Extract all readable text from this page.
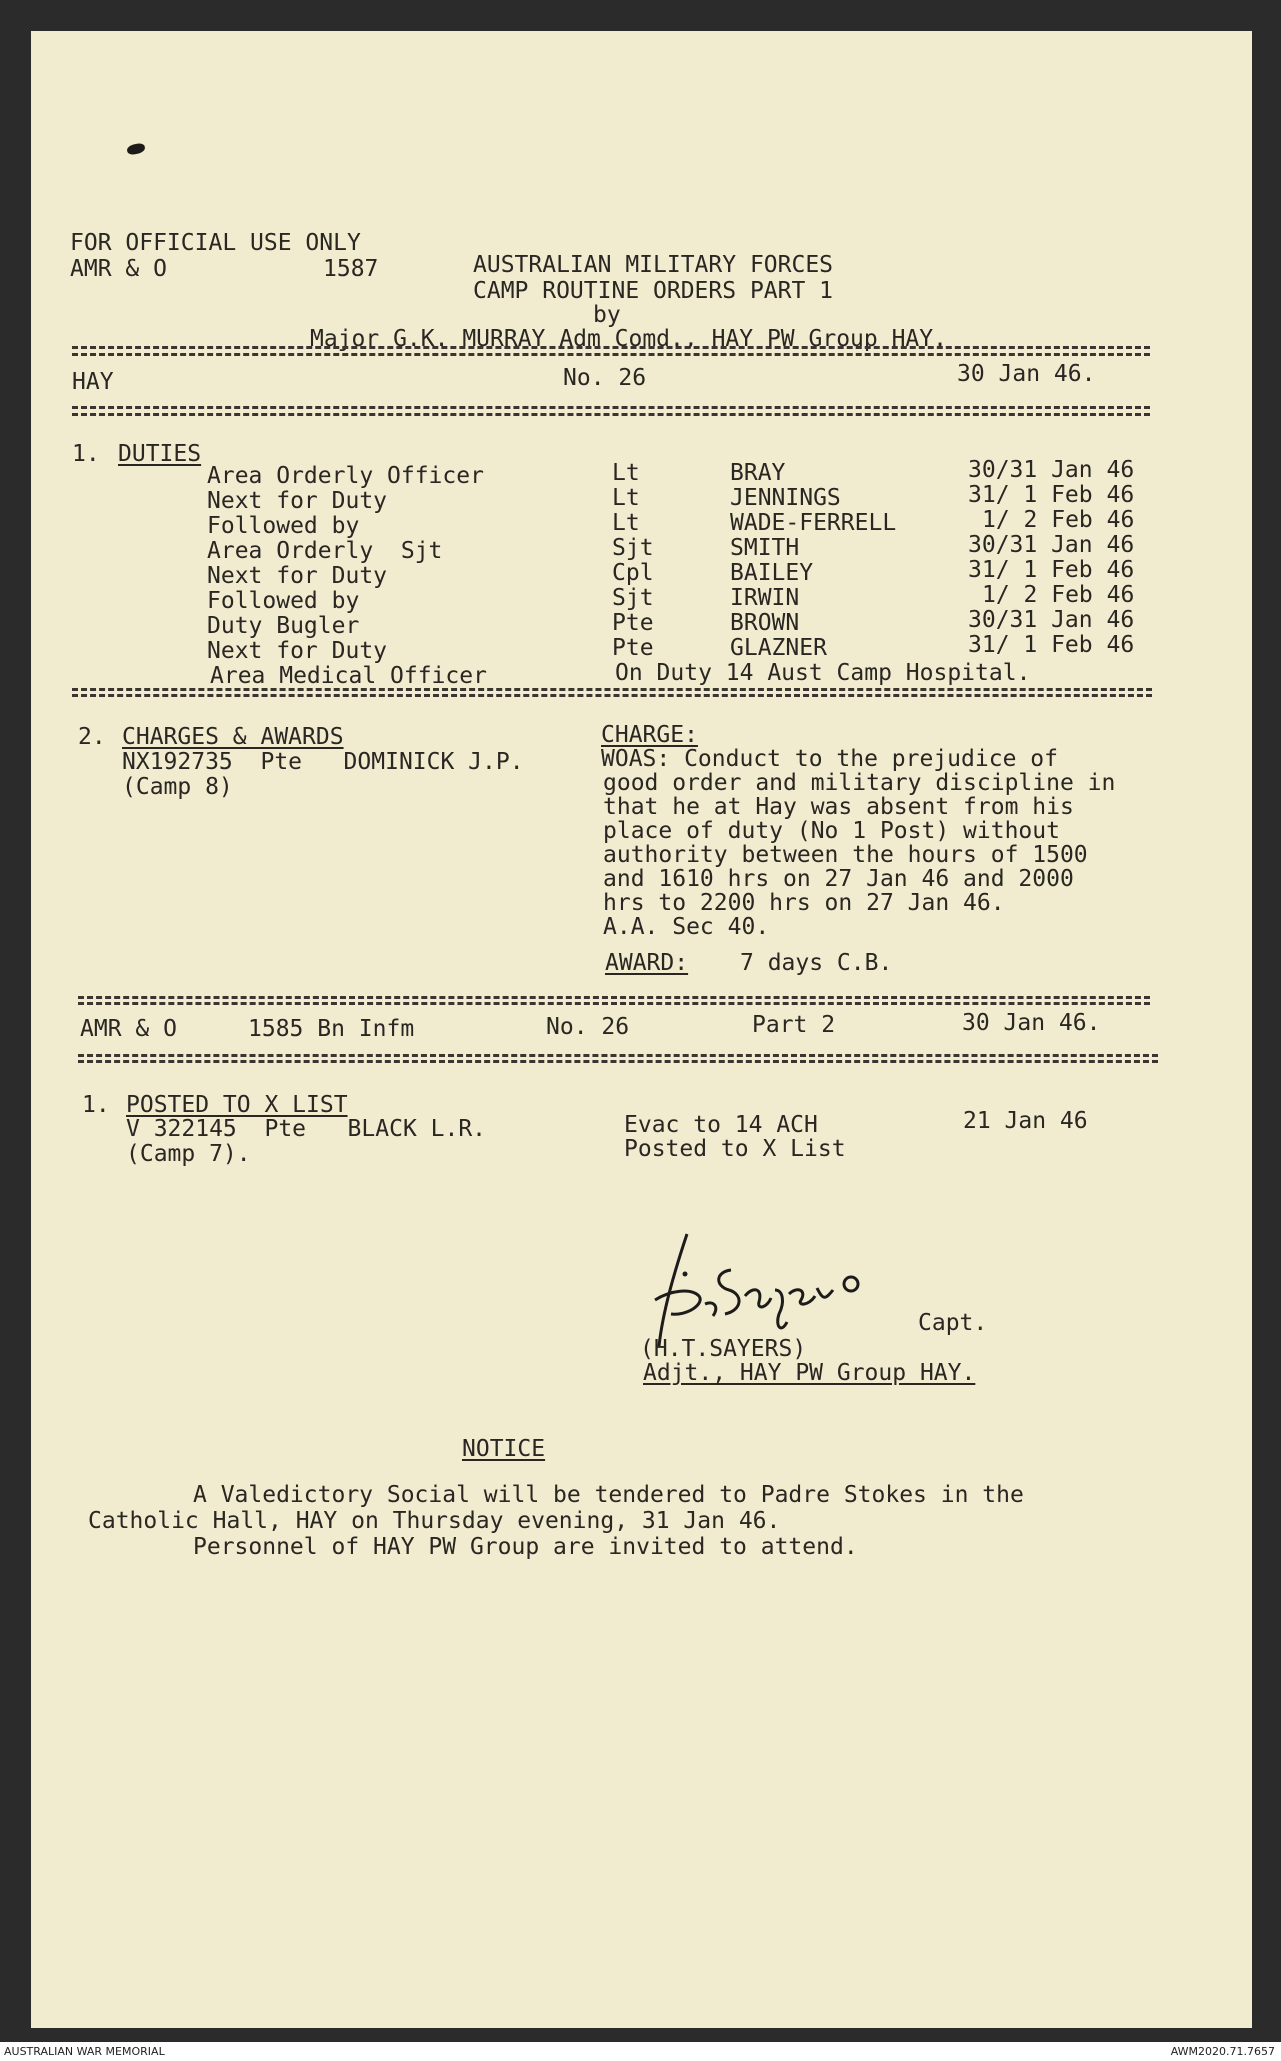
FOR OFFICIAL USE ONLY
AMR & O	1587	AUSTRALIAN MILITARY FORCES
CAMP ROUTINE ORDERS PART 1
by
Major G.K. MURRAY Adm Comd., HAY PW Group HAY.
HAY	No. 26	30 Jan 46.
1. DUTIES
Area Orderly Officer	Lt	BRAY	30/31 Jan 46
Next for Duty	Lt	JENNINGS	31/ 1 Feb 46
Followed by	Lt	WADE-FERRELL	1/ 2 Feb 46
Area Orderly  Sjt	Sjt	SMITH	30/31 Jan 46
Next for Duty	Cpl	BAILEY	31/ 1 Feb 46
Followed by	Sjt	IRWIN	1/ 2 Feb 46
Duty Bugler	Pte	BROWN	30/31 Jan 46
Next for Duty	Pte	GLAZNER	31/ 1 Feb 46
Area Medical Officer	On Duty 14 Aust Camp Hospital.
2. CHARGES & AWARDS
NX192735  Pte   DOMINICK J.P.
(Camp 8)
CHARGE:
WOAS: Conduct to the prejudice of
good order and military discipline in
that he at Hay was absent from his
place of duty (No 1 Post) without
authority between the hours of 1500
and 1610 hrs on 27 Jan 46 and 2000
hrs to 2200 hrs on 27 Jan 46.
A.A. Sec 40.
AWARD: 7 days C.B.
AMR & O	1585 Bn Infm	No. 26	Part 2	30 Jan 46.
1. POSTED TO X LIST
V 322145  Pte   BLACK L.R.
(Camp 7).
Evac to 14 ACH
Posted to X List
21 Jan 46
Capt.
(H.T.SAYERS)
Adjt., HAY PW Group HAY.
NOTICE
A Valedictory Social will be tendered to Padre Stokes in the
Catholic Hall, HAY on Thursday evening, 31 Jan 46.
Personnel of HAY PW Group are invited to attend.
AUSTRALIAN WAR MEMORIAL	AWM2020.71.7657
